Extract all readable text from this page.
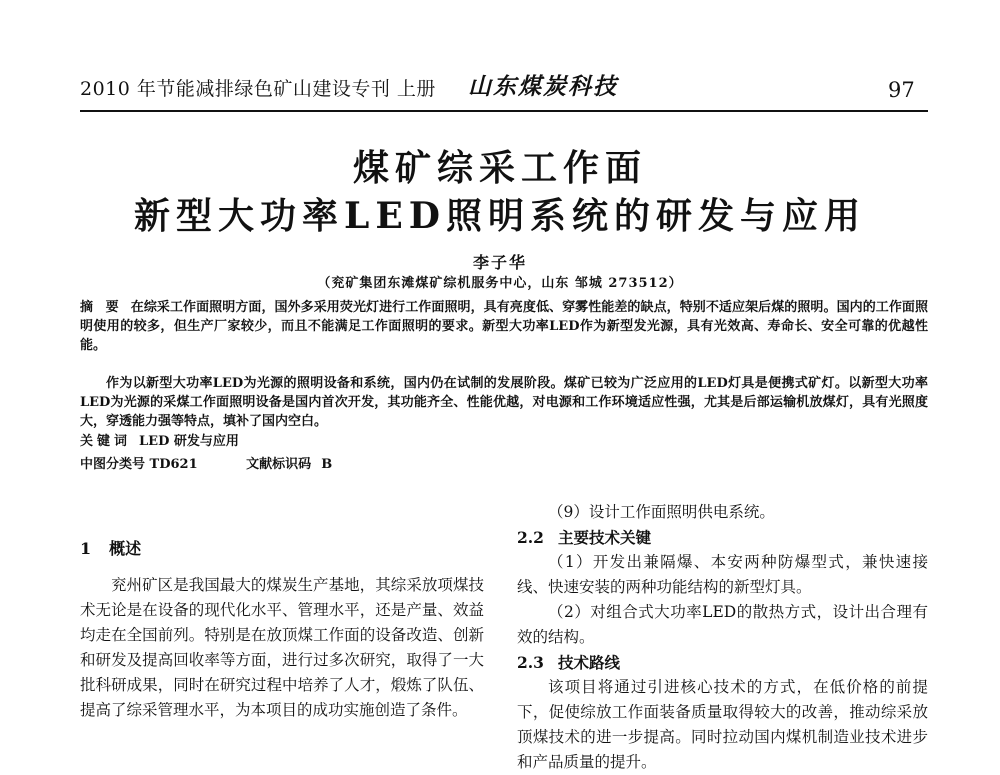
2010 年节能减排绿色矿山建设专刊 上册 山东煤炭科技	97
煤矿综采工作面
新型大功率LED照明系统的研发与应用
李子华
（兖矿集团东滩煤矿综机服务中心，山东 邹城 273512）
摘 要 在综采工作面照明方面，国外多采用荧光灯进行工作面照明，具有亮度低、穿雾性能差的缺点，特别不适应架后煤的照明。国内的工作面照明使用的较多，但生产厂家较少，而且不能满足工作面照明的要求。新型大功率LED作为新型发光源，具有光效高、寿命长、安全可靠的优越性能。
作为以新型大功率LED为光源的照明设备和系统，国内仍在试制的发展阶段。煤矿已较为广泛应用的LED灯具是便携式矿灯。以新型大功率LED为光源的采煤工作面照明设备是国内首次开发，其功能齐全、性能优越，对电源和工作环境适应性强，尤其是后部运输机放煤灯，具有光照度大，穿透能力强等特点，填补了国内空白。
关键词 LED 研发与应用
中图分类号 TD621	文献标识码 B
1 概述

兖州矿区是我国最大的煤炭生产基地，其综采放项煤技术无论是在设备的现代化水平、管理水平，还是产量、效益均走在全国前列。特别是在放顶煤工作面的设备改造、创新和研发及提高回收率等方面，进行过多次研究，取得了一大批科研成果，同时在研究过程中培养了人才，煅炼了队伍、提高了综采管理水平，为本项目的成功实施创造了条件。

（9）设计工作面照明供电系统。

2.2 主要技术关键

（1）开发出兼隔爆、本安两种防爆型式，兼快速接线、快速安装的两种功能结构的新型灯具。

（2）对组合式大功率LED的散热方式，设计出合理有效的结构。

2.3 技术路线

该项目将通过引进核心技术的方式，在低价格的前提下，促使综放工作面装备质量取得较大的改善，推动综采放顶煤技术的进一步提高。同时拉动国内煤机制造业技术进步和产品质量的提升。
